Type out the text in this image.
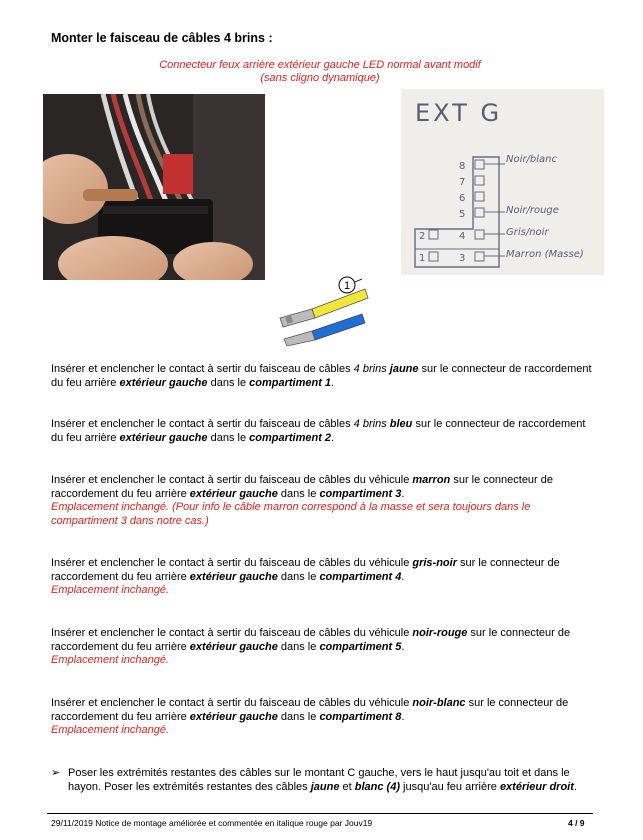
Monter le faisceau de câbles 4 brins :
Connecteur feux arrière extérieur gauche LED normal avant modif
(sans cligno dynamique)
EXT G
8
7
6
5
4
3
2
1
Noir/blanc
Noir/rouge
Gris/noir
Marron (Masse)
1
Insérer et enclencher le contact à sertir du faisceau de câbles 4 brins jaune sur le connecteur de raccordement du feu arrière extérieur gauche dans le compartiment 1.
Insérer et enclencher le contact à sertir du faisceau de câbles 4 brins bleu sur le connecteur de raccordement du feu arrière extérieur gauche dans le compartiment 2.
Insérer et enclencher le contact à sertir du faisceau de câbles du véhicule marron sur le connecteur de raccordement du feu arrière extérieur gauche dans le compartiment 3.
Emplacement inchangé. (Pour info le câble marron correspond à la masse et sera toujours dans le compartiment 3 dans notre cas.)
Insérer et enclencher le contact à sertir du faisceau de câbles du véhicule gris-noir sur le connecteur de raccordement du feu arrière extérieur gauche dans le compartiment 4.
Emplacement inchangé.
Insérer et enclencher le contact à sertir du faisceau de câbles du véhicule noir-rouge sur le connecteur de raccordement du feu arrière extérieur gauche dans le compartiment 5.
Emplacement inchangé.
Insérer et enclencher le contact à sertir du faisceau de câbles du véhicule noir-blanc sur le connecteur de raccordement du feu arrière extérieur gauche dans le compartiment 8.
Emplacement inchangé.
➢ Poser les extrémités restantes des câbles sur le montant C gauche, vers le haut jusqu'au toit et dans le hayon. Poser les extrémités restantes des câbles jaune et blanc (4) jusqu'au feu arrière extérieur droit.
29/11/2019 Notice de montage améliorée et commentée en italique rouge par Jouv19	4 / 9
